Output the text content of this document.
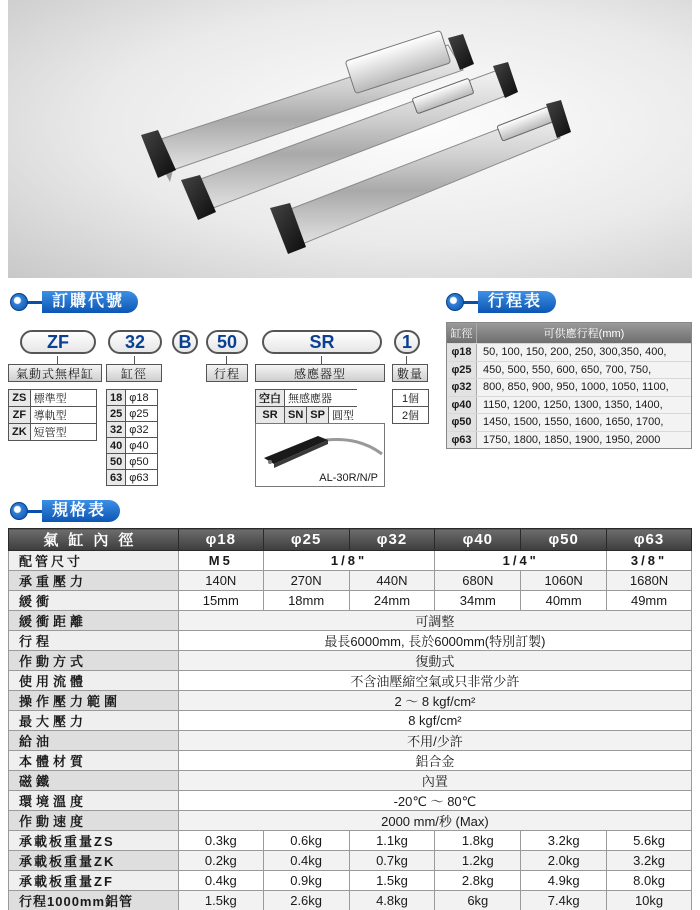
訂購代號	行程表
ZF	32	B	50	SR	1
氣動式無桿缸	缸徑	行程	感應器型	數量
ZS	標準型
ZF	導軌型
ZK	短管型
18	φ18
25	φ25
32	φ32
40	φ40
50	φ50
63	φ63
空白	無感應器		
SR	SN	SP	圓型
1個
2個
AL-30R/N/P
缸徑	可供應行程(mm)
φ18	50, 100, 150, 200, 250, 300,350, 400,
φ25	450, 500, 550, 600, 650, 700, 750,
φ32	800, 850, 900, 950, 1000, 1050, 1100,
φ40	1150, 1200, 1250, 1300, 1350, 1400,
φ50	1450, 1500, 1550, 1600, 1650, 1700,
φ63	1750, 1800, 1850, 1900, 1950, 2000
規格表
氣缸內徑	φ18	φ25	φ32	φ40	φ50	φ63
配管尺寸	M5	1/8"		1/4"		3/8"
承重壓力	140N	270N	440N	680N	1060N	1680N
緩衝	15mm	18mm	24mm	34mm	40mm	49mm
緩衝距離	可調整					
行程	最長6000mm, 長於6000mm(特別訂製)					
作動方式	復動式					
使用流體	不含油壓縮空氣或只非常少許					
操作壓力範圍	2 ～ 8 kgf/cm²					
最大壓力	8 kgf/cm²					
給油	不用/少許					
本體材質	鋁合金					
磁鐵	內置					
環境溫度	-20℃ ～ 80℃					
作動速度	2000 mm/秒 (Max)					
承載板重量ZS	0.3kg	0.6kg	1.1kg	1.8kg	3.2kg	5.6kg
承載板重量ZK	0.2kg	0.4kg	0.7kg	1.2kg	2.0kg	3.2kg
承載板重量ZF	0.4kg	0.9kg	1.5kg	2.8kg	4.9kg	8.0kg
行程1000mm鋁管	1.5kg	2.6kg	4.8kg	6kg	7.4kg	10kg
